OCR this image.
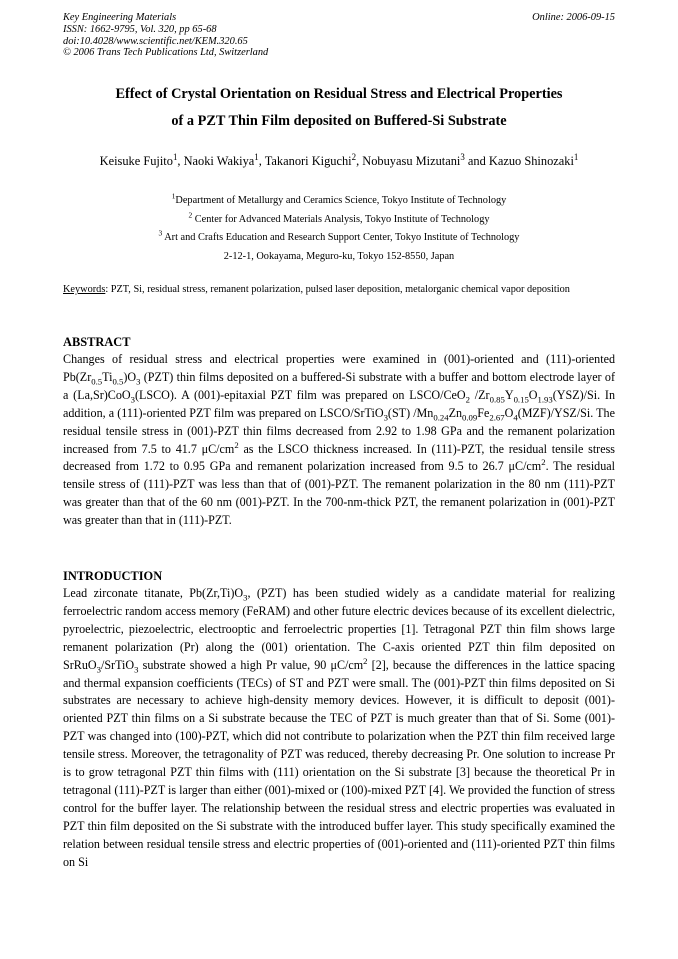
Key Engineering Materials
ISSN: 1662-9795, Vol. 320, pp 65-68
doi:10.4028/www.scientific.net/KEM.320.65
© 2006 Trans Tech Publications Ltd, Switzerland
Online: 2006-09-15
Effect of Crystal Orientation on Residual Stress and Electrical Properties
of a PZT Thin Film deposited on Buffered-Si Substrate
Keisuke Fujito$^1$, Naoki Wakiya$^1$, Takanori Kiguchi$^2$, Nobuyasu Mizutani$^3$ and Kazuo Shinozaki$^1$
$^1$Department of Metallurgy and Ceramics Science, Tokyo Institute of Technology
$^2$ Center for Advanced Materials Analysis, Tokyo Institute of Technology
$^3$ Art and Crafts Education and Research Support Center, Tokyo Institute of Technology
2-12-1, Ookayama, Meguro-ku, Tokyo 152-8550, Japan
Keywords: PZT, Si, residual stress, remanent polarization, pulsed laser deposition, metalorganic chemical vapor deposition
ABSTRACT

Changes of residual stress and electrical properties were examined in (001)-oriented and (111)-oriented $Pb(Zr_{0.5}Ti_{0.5})O_3$ (PZT) thin films deposited on a buffered-Si substrate with a buffer and bottom electrode layer of a (La,Sr)CoO$_3$(LSCO). A (001)-epitaxial PZT film was prepared on LSCO/CeO$_2$ $/Zr_{0.85}Y_{0.15}O_{1.93}(YSZ)/Si$. In addition, a (111)-oriented PZT film was prepared on LSCO/SrTiO$_3$(ST) $/Mn_{0.24}Zn_{0.09}Fe_{2.67}O_4(MZF)/YSZ/Si$. The residual tensile stress in (001)-PZT thin films decreased from 2.92 to 1.98 GPa and the remanent polarization increased from 7.5 to 41.7 $\mu C/cm^2$ as the LSCO thickness increased. In (111)-PZT, the residual tensile stress decreased from 1.72 to 0.95 GPa and remanent polarization increased from 9.5 to 26.7 $\mu C/cm^2$. The residual tensile stress of (111)-PZT was less than that of (001)-PZT. The remanent polarization in the 80 nm (111)-PZT was greater than that of the 60 nm (001)-PZT. In the 700-nm-thick PZT, the remanent polarization in (001)-PZT was greater than that in (111)-PZT.

INTRODUCTION

Lead zirconate titanate, $Pb(Zr,Ti)O_3$, (PZT) has been studied widely as a candidate material for realizing ferroelectric random access memory (FeRAM) and other future electric devices because of its excellent dielectric, pyroelectric, piezoelectric, electrooptic and ferroelectric properties [1]. Tetragonal PZT thin film shows large remanent polarization (Pr) along the (001) orientation. The C-axis oriented PZT thin film deposited on SrRuO$_3$/SrTiO$_3$ substrate showed a high Pr value, 90 $\mu C/cm^2$ [2], because the differences in the lattice spacing and thermal expansion coefficients (TECs) of ST and PZT were small. The (001)-PZT thin films deposited on Si substrates are necessary to achieve high-density memory devices. However, it is difficult to deposit (001)-oriented PZT thin films on a Si substrate because the TEC of PZT is much greater than that of Si. Some (001)-PZT was changed into (100)-PZT, which did not contribute to polarization when the PZT thin film received large tensile stress. Moreover, the tetragonality of PZT was reduced, thereby decreasing Pr. One solution to increase Pr is to grow tetragonal PZT thin films with (111) orientation on the Si substrate [3] because the theoretical Pr in tetragonal (111)-PZT is larger than either (001)-mixed or (100)-mixed PZT [4]. We provided the function of stress control for the buffer layer. The relationship between the residual stress and electric properties was evaluated in PZT thin film deposited on the Si substrate with the introduced buffer layer. This study specifically examined the relation between residual tensile stress and electric properties of (001)-oriented and (111)-oriented PZT thin films on Si
